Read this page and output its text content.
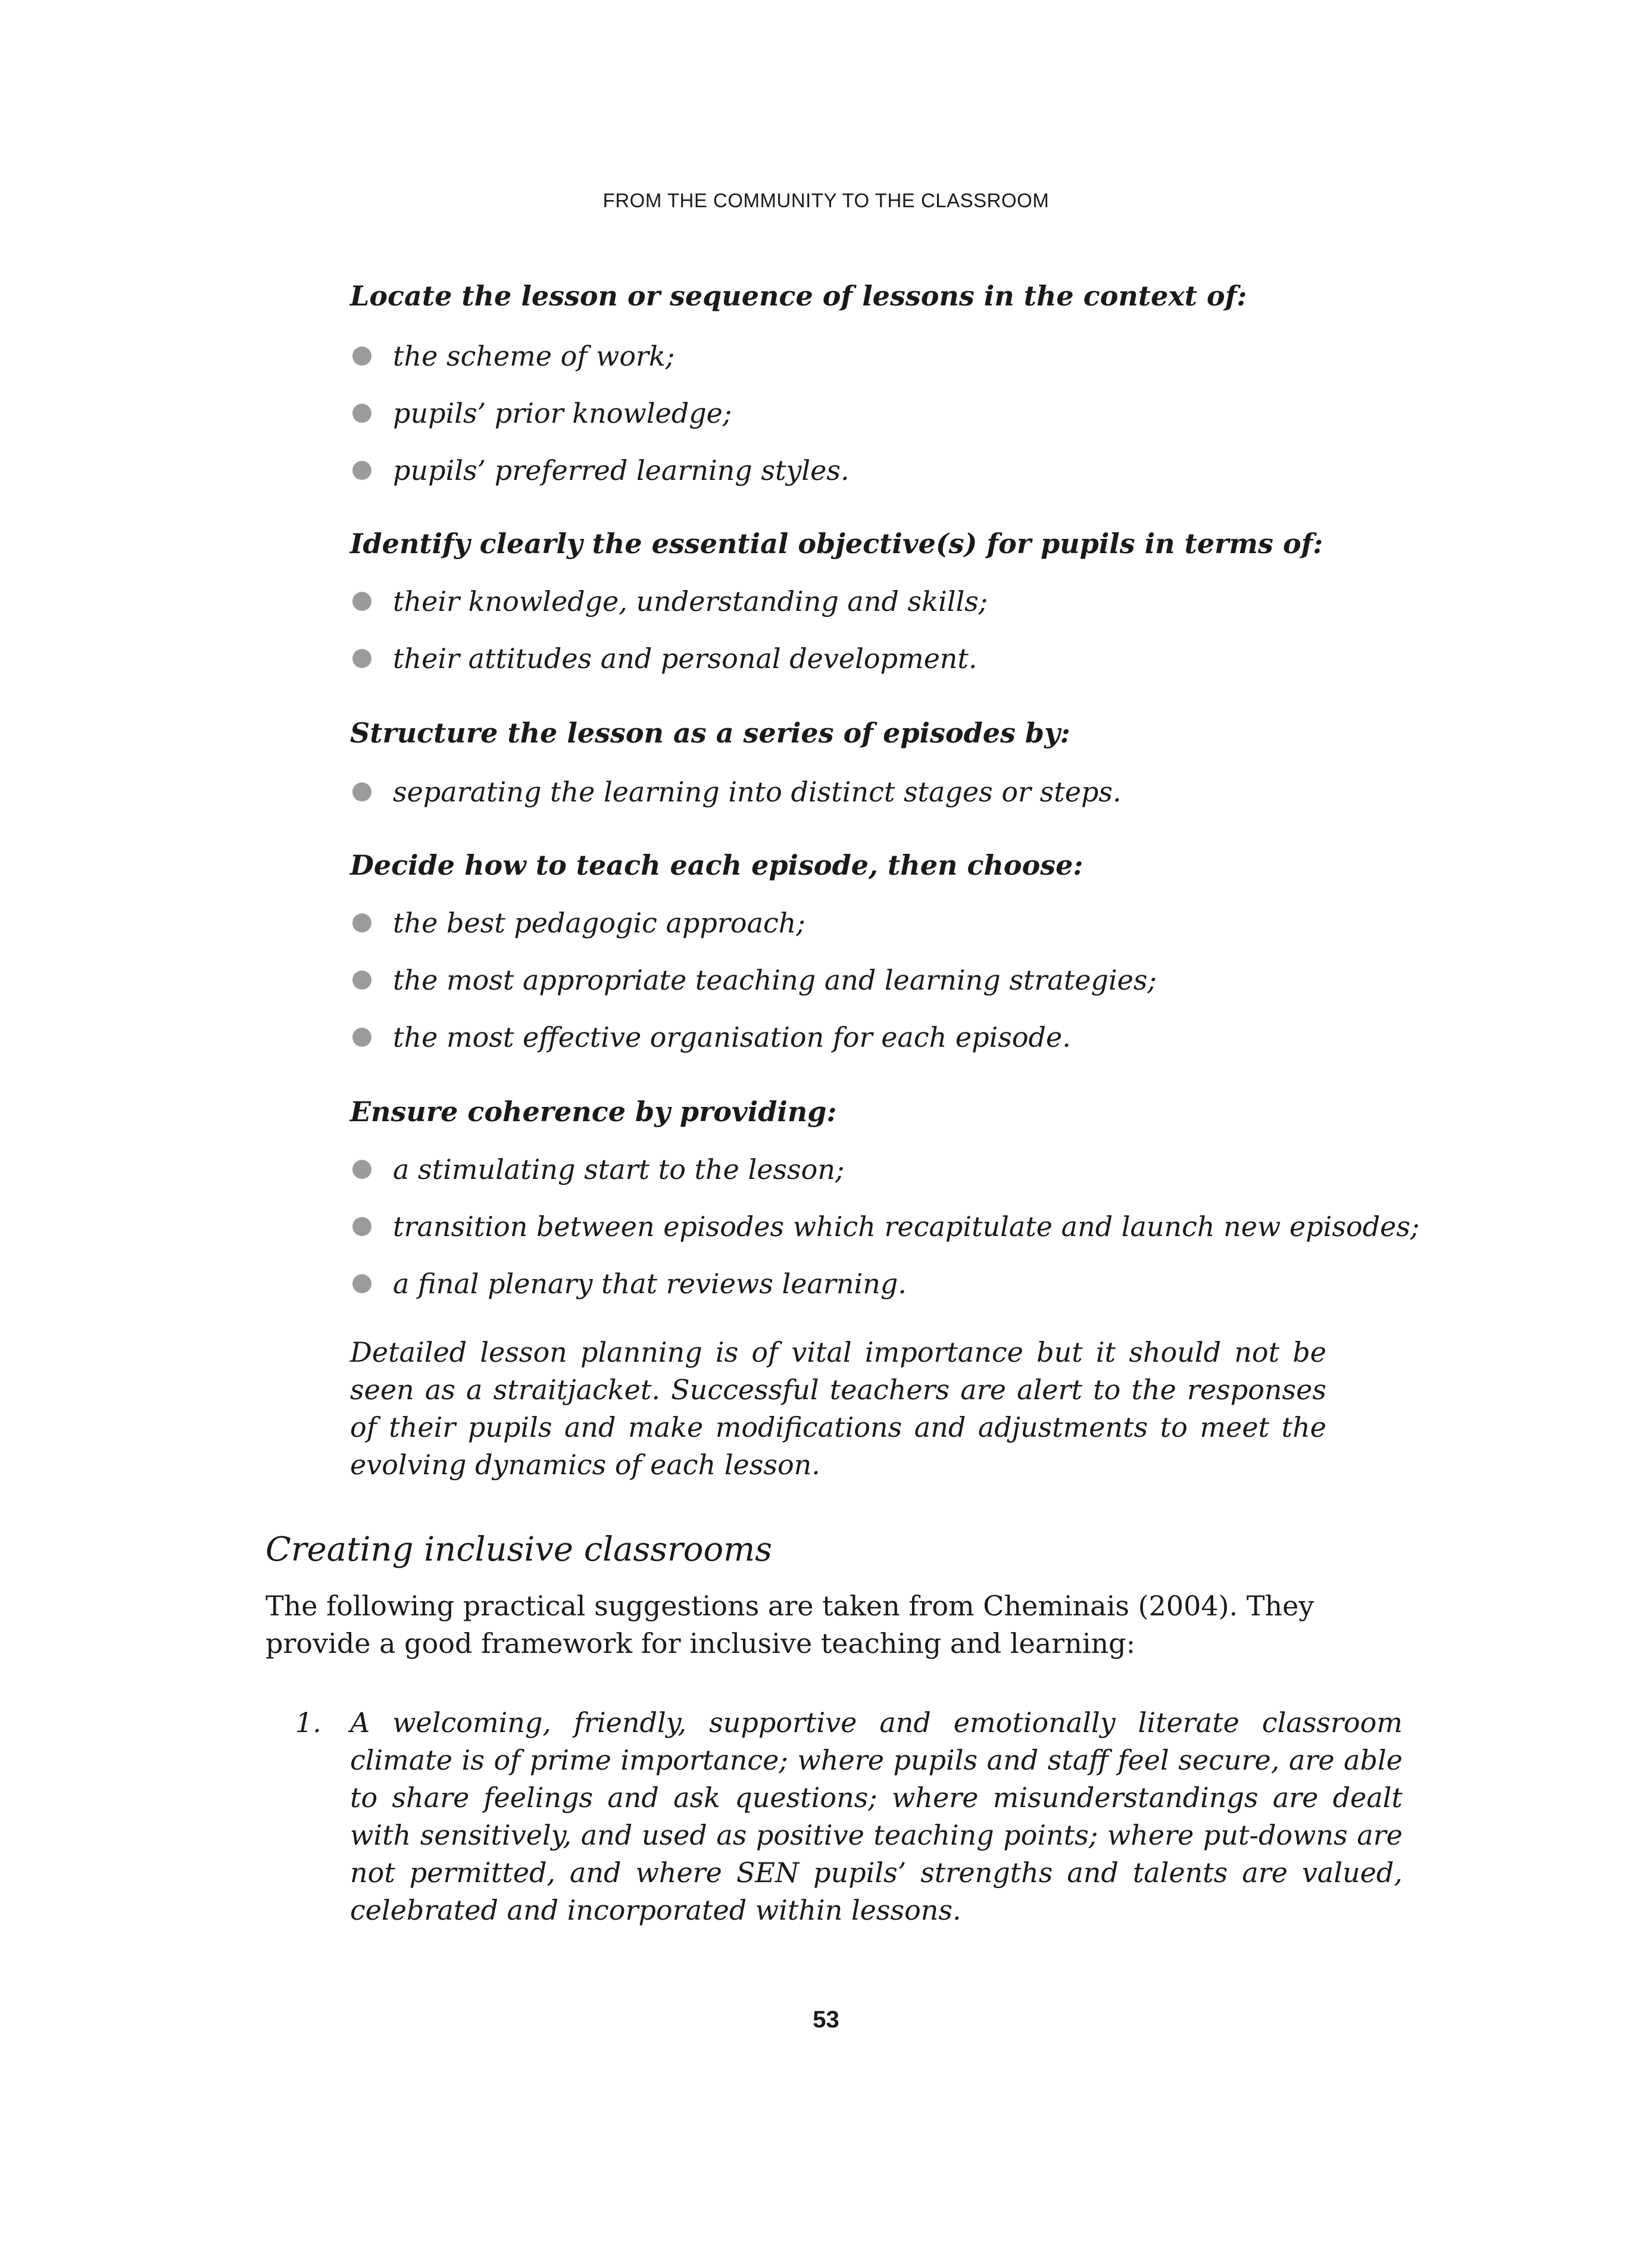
FROM THE COMMUNITY TO THE CLASSROOM
Locate the lesson or sequence of lessons in the context of:
the scheme of work;
pupils’ prior knowledge;
pupils’ preferred learning styles.
Identify clearly the essential objective(s) for pupils in terms of:
their knowledge, understanding and skills;
their attitudes and personal development.
Structure the lesson as a series of episodes by:
separating the learning into distinct stages or steps.
Decide how to teach each episode, then choose:
the best pedagogic approach;
the most appropriate teaching and learning strategies;
the most effective organisation for each episode.
Ensure coherence by providing:
a stimulating start to the lesson;
transition between episodes which recapitulate and launch new episodes;
a final plenary that reviews learning.
Detailed lesson planning is of vital importance but it should not be seen as a straitjacket. Successful teachers are alert to the responses of their pupils and make modifications and adjustments to meet the evolving dynamics of each lesson.
Creating inclusive classrooms
The following practical suggestions are taken from Cheminais (2004). They provide a good framework for inclusive teaching and learning:
1.	A welcoming, friendly, supportive and emotionally literate classroom climate is of prime importance; where pupils and staff feel secure, are able to share feelings and ask questions; where misunderstandings are dealt with sensitively, and used as positive teaching points; where put-downs are not permitted, and where SEN pupils’ strengths and talents are valued, celebrated and incorporated within lessons.
53
